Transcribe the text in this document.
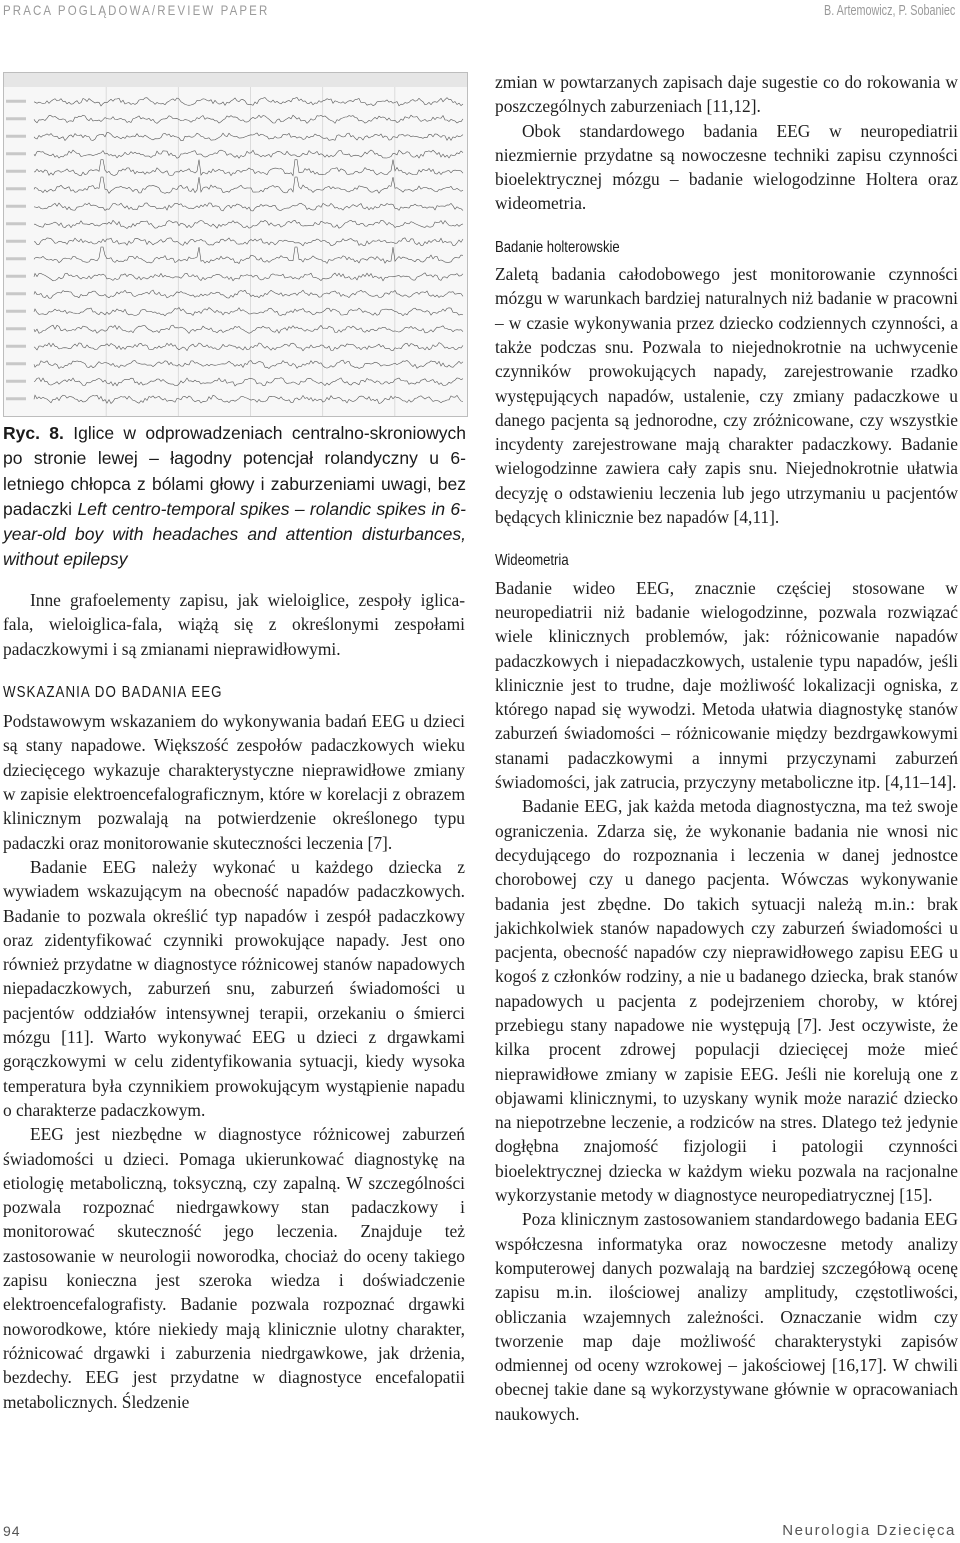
PRACA POGLĄDOWA/REVIEW PAPER	B. Artemowicz, P. Sobaniec

Ryc. 8. Iglice w odprowadzeniach centralno-skroniowych po stronie lewej – łagodny potencjał rolandyczny u 6-letniego chłopca z bólami głowy i zaburzeniami uwagi, bez padaczki Left centro-temporal spikes – rolandic spikes in 6-year-old boy with headaches and attention disturbances, without epilepsy

Inne grafoelementy zapisu, jak wieloiglice, zespoły iglica-fala, wieloiglica-fala, wiążą się z określonymi zespołami padaczkowymi i są zmianami nieprawidłowymi.

WSKAZANIA DO BADANIA EEG

Podstawowym wskazaniem do wykonywania badań EEG u dzieci są stany napadowe. Większość zespołów padaczkowych wieku dziecięcego wykazuje charakterystyczne nieprawidłowe zmiany w zapisie elektroencefalograficznym, które w korelacji z obrazem klinicznym pozwalają na potwierdzenie określonego typu padaczki oraz monitorowanie skuteczności leczenia [7].

Badanie EEG należy wykonać u każdego dziecka z wywiadem wskazującym na obecność napadów padaczkowych. Badanie to pozwala określić typ napadów i zespół padaczkowy oraz zidentyfikować czynniki prowokujące napady. Jest ono również przydatne w diagnostyce różnicowej stanów napadowych niepadaczkowych, zaburzeń snu, zaburzeń świadomości u pacjentów oddziałów intensywnej terapii, orzekaniu o śmierci mózgu [11]. Warto wykonywać EEG u dzieci z drgawkami gorączkowymi w celu zidentyfikowania sytuacji, kiedy wysoka temperatura była czynnikiem prowokującym wystąpienie napadu o charakterze padaczkowym.

EEG jest niezbędne w diagnostyce różnicowej zaburzeń świadomości u dzieci. Pomaga ukierunkować diagnostykę na etiologię metaboliczną, toksyczną, czy zapalną. W szczególności pozwala rozpoznać niedrgawkowy stan padaczkowy i monitorować skuteczność jego leczenia. Znajduje też zastosowanie w neurologii noworodka, chociaż do oceny takiego zapisu konieczna jest szeroka wiedza i doświadczenie elektroencefalografisty. Badanie pozwala rozpoznać drgawki noworodkowe, które niekiedy mają klinicznie ulotny charakter, różnicować drgawki i zaburzenia niedrgawkowe, jak drżenia, bezdechy. EEG jest przydatne w diagnostyce encefalopatii metabolicznych. Śledzenie

zmian w powtarzanych zapisach daje sugestie co do rokowania w poszczególnych zaburzeniach [11,12].

Obok standardowego badania EEG w neuropediatrii niezmiernie przydatne są nowoczesne techniki zapisu czynności bioelektrycznej mózgu – badanie wielogodzinne Holtera oraz wideometria.

Badanie holterowskie

Zaletą badania całodobowego jest monitorowanie czynności mózgu w warunkach bardziej naturalnych niż badanie w pracowni – w czasie wykonywania przez dziecko codziennych czynności, a także podczas snu. Pozwala to niejednokrotnie na uchwycenie czynników prowokujących napady, zarejestrowanie rzadko występujących napadów, ustalenie, czy zmiany padaczkowe u danego pacjenta są jednorodne, czy zróżnicowane, czy wszystkie incydenty zarejestrowane mają charakter padaczkowy. Badanie wielogodzinne zawiera cały zapis snu. Niejednokrotnie ułatwia decyzję o odstawieniu leczenia lub jego utrzymaniu u pacjentów będących klinicznie bez napadów [4,11].

Wideometria

Badanie wideo EEG, znacznie częściej stosowane w neuropediatrii niż badanie wielogodzinne, pozwala rozwiązać wiele klinicznych problemów, jak: różnicowanie napadów padaczkowych i niepadaczkowych, ustalenie typu napadów, jeśli klinicznie jest to trudne, daje możliwość lokalizacji ogniska, z którego napad się wywodzi. Metoda ułatwia diagnostykę stanów zaburzeń świadomości – różnicowanie między bezdrgawkowymi stanami padaczkowymi a innymi przyczynami zaburzeń świadomości, jak zatrucia, przyczyny metaboliczne itp. [4,11–14].

Badanie EEG, jak każda metoda diagnostyczna, ma też swoje ograniczenia. Zdarza się, że wykonanie badania nie wnosi nic decydującego do rozpoznania i leczenia w danej jednostce chorobowej czy u danego pacjenta. Wówczas wykonywanie badania jest zbędne. Do takich sytuacji należą m.in.: brak jakichkolwiek stanów napadowych czy zaburzeń świadomości u pacjenta, obecność napadów czy nieprawidłowego zapisu EEG u kogoś z członków rodziny, a nie u badanego dziecka, brak stanów napadowych u pacjenta z podejrzeniem choroby, w której przebiegu stany napadowe nie występują [7]. Jest oczywiste, że kilka procent zdrowej populacji dziecięcej może mieć nieprawidłowe zmiany w zapisie EEG. Jeśli nie korelują one z objawami klinicznymi, to uzyskany wynik może narazić dziecko na niepotrzebne leczenie, a rodziców na stres. Dlatego też jedynie dogłębna znajomość fizjologii i patologii czynności bioelektrycznej dziecka w każdym wieku pozwala na racjonalne wykorzystanie metody w diagnostyce neuropediatrycznej [15].

Poza klinicznym zastosowaniem standardowego badania EEG współczesna informatyka oraz nowoczesne metody analizy komputerowej danych pozwalają na bardziej szczegółową ocenę zapisu m.in. ilościowej analizy amplitudy, częstotliwości, obliczania wzajemnych zależności. Oznaczanie widm czy tworzenie map daje możliwość charakterystyki zapisów odmiennej od oceny wzrokowej – jakościowej [16,17]. W chwili obecnej takie dane są wykorzystywane głównie w opracowaniach naukowych.

94	Neurologia Dziecięca
